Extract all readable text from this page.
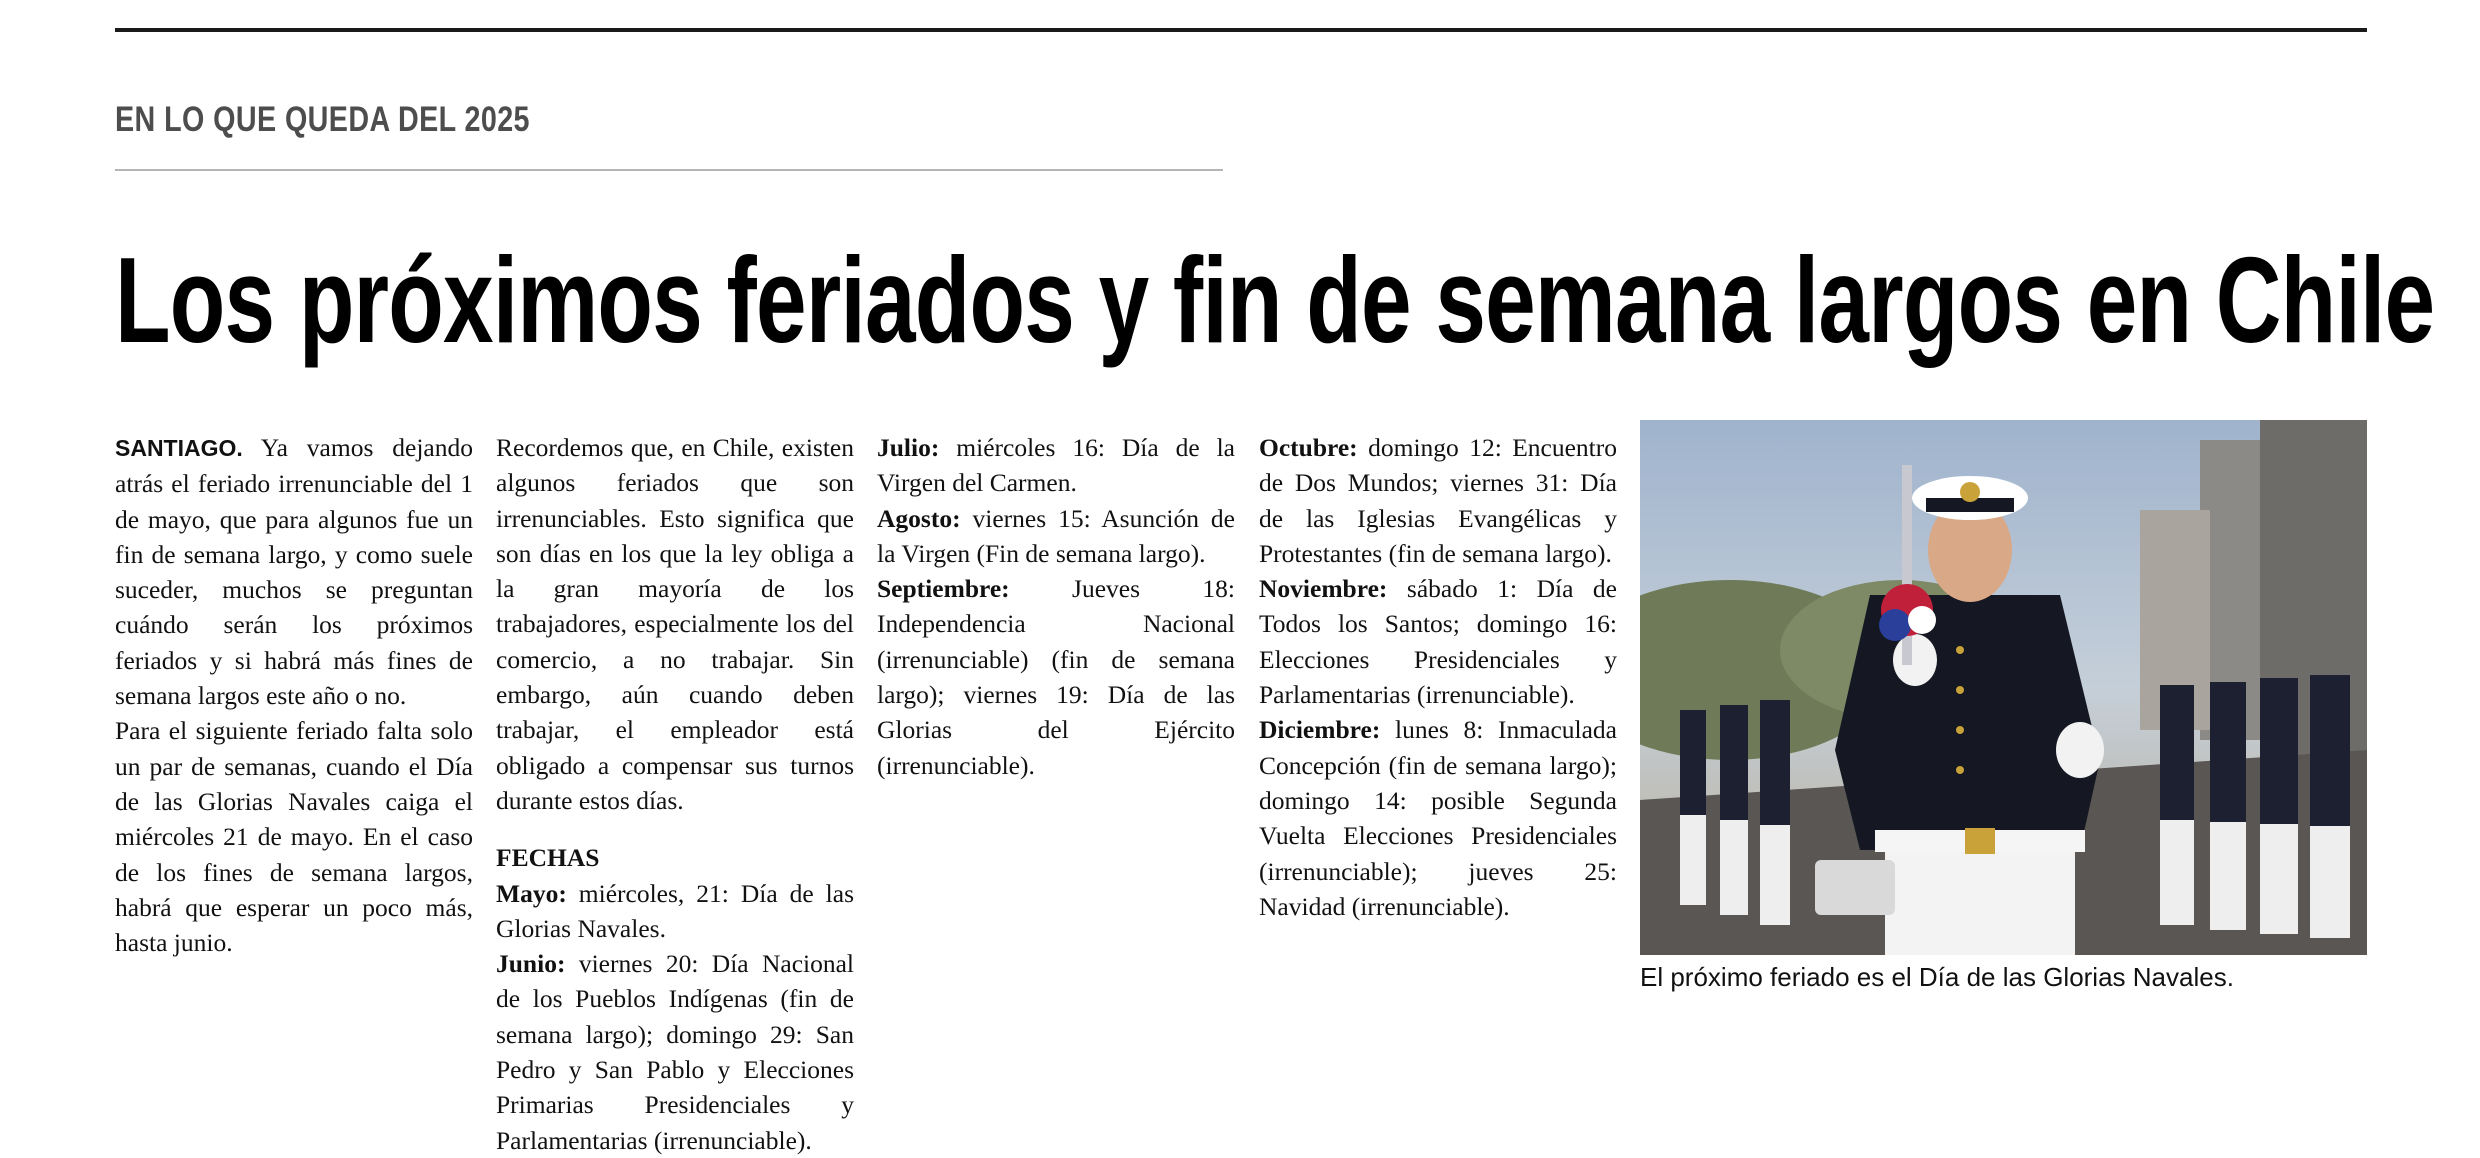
EN LO QUE QUEDA DEL 2025
Los próximos feriados y fin de semana largos en Chile

SANTIAGO. Ya vamos dejando atrás el feriado irrenunciable del 1 de mayo, que para algunos fue un fin de semana largo, y como suele suceder, muchos se preguntan cuándo serán los próximos feriados y si habrá más fines de semana largos este año o no.

Para el siguiente feriado falta solo un par de semanas, cuando el Día de las Glorias Navales caiga el miércoles 21 de mayo. En el caso de los fines de semana largos, habrá que esperar un poco más, hasta junio.

Recordemos que, en Chile, existen algunos feriados que son irrenunciables. Esto significa que son días en los que la ley obliga a la gran mayoría de los trabajadores, especialmente los del comercio, a no trabajar. Sin embargo, aún cuando deben trabajar, el empleador está obligado a compensar sus turnos durante estos días.

FECHAS

Mayo: miércoles, 21: Día de las Glorias Navales.

Junio: viernes 20: Día Nacional de los Pueblos Indígenas (fin de semana largo); domingo 29: San Pedro y San Pablo y Elecciones Primarias Presidenciales y Parlamentarias (irrenunciable).

Julio: miércoles 16: Día de la Virgen del Carmen.

Agosto: viernes 15: Asunción de la Virgen (Fin de semana largo).

Septiembre: Jueves 18: Independencia Nacional (irrenunciable) (fin de semana largo); viernes 19: Día de las Glorias del Ejército (irrenunciable).

Octubre: domingo 12: Encuentro de Dos Mundos; viernes 31: Día de las Iglesias Evangélicas y Protestantes (fin de semana largo).

Noviembre: sábado 1: Día de Todos los Santos; domingo 16: Elecciones Presidenciales y Parlamentarias (irrenunciable).

Diciembre: lunes 8: Inmaculada Concepción (fin de semana largo); domingo 14: posible Segunda Vuelta Elecciones Presidenciales (irrenunciable); jueves 25: Navidad (irrenunciable).

El próximo feriado es el Día de las Glorias Navales.
